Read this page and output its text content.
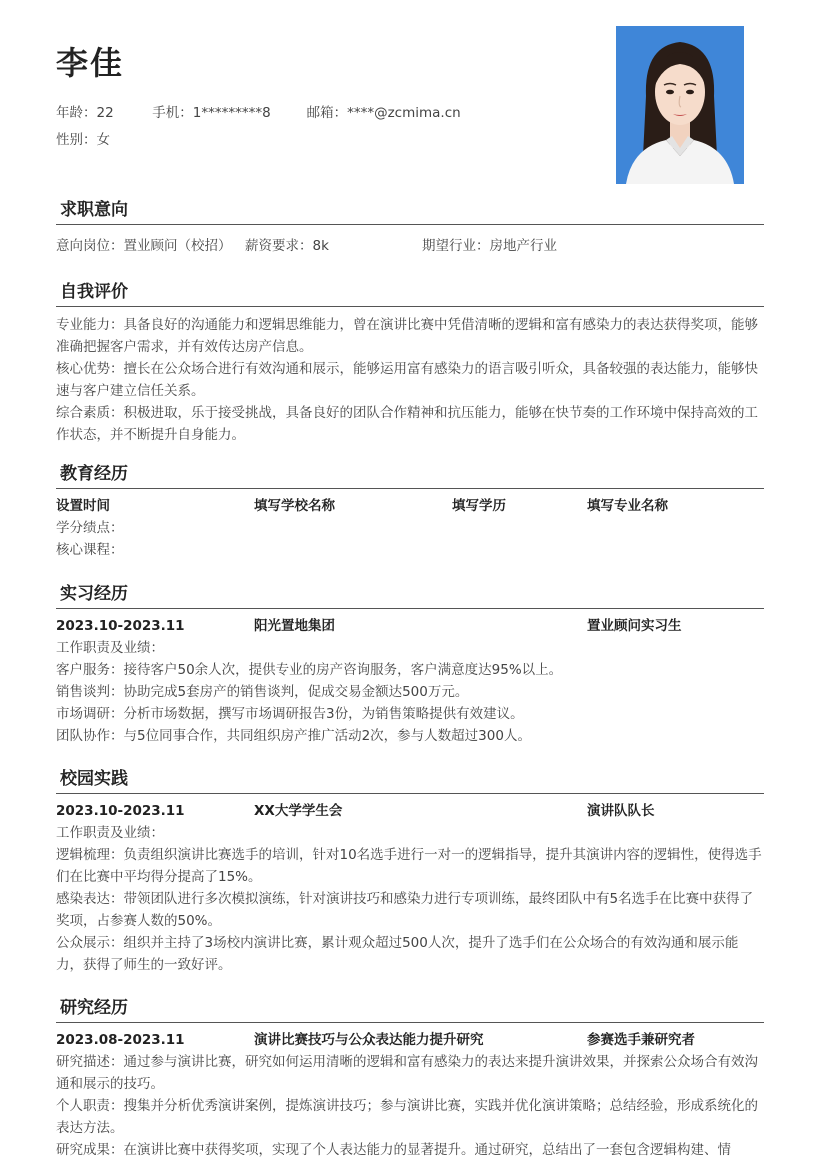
李佳
年龄：22	手机：1*********8	邮箱：****@zcmima.cn
性别：女
求职意向
意向岗位：置业顾问（校招） 薪资要求：8k	期望行业：房地产行业
自我评价

专业能力：具备良好的沟通能力和逻辑思维能力，曾在演讲比赛中凭借清晰的逻辑和富有感染力的表达获得奖项，能够准确把握客户需求，并有效传达房产信息。

核心优势：擅长在公众场合进行有效沟通和展示，能够运用富有感染力的语言吸引听众，具备较强的表达能力，能够快速与客户建立信任关系。

综合素质：积极进取，乐于接受挑战，具备良好的团队合作精神和抗压能力，能够在快节奏的工作环境中保持高效的工作状态，并不断提升自身能力。

教育经历
设置时间	填写学校名称	填写学历	填写专业名称
学分绩点：
核心课程：
实习经历
2023.10-2023.11	阳光置地集团	置业顾问实习生

工作职责及业绩：

客户服务：接待客户50余人次，提供专业的房产咨询服务，客户满意度达95%以上。

销售谈判：协助完成5套房产的销售谈判，促成交易金额达500万元。

市场调研：分析市场数据，撰写市场调研报告3份，为销售策略提供有效建议。

团队协作：与5位同事合作，共同组织房产推广活动2次，参与人数超过300人。

校园实践
2023.10-2023.11	XX大学学生会	演讲队队长

工作职责及业绩：

逻辑梳理：负责组织演讲比赛选手的培训，针对10名选手进行一对一的逻辑指导，提升其演讲内容的逻辑性，使得选手们在比赛中平均得分提高了15%。

感染表达：带领团队进行多次模拟演练，针对演讲技巧和感染力进行专项训练，最终团队中有5名选手在比赛中获得了奖项，占参赛人数的50%。

公众展示：组织并主持了3场校内演讲比赛，累计观众超过500人次，提升了选手们在公众场合的有效沟通和展示能力，获得了师生的一致好评。

研究经历
2023.08-2023.11	演讲比赛技巧与公众表达能力提升研究	参赛选手兼研究者

研究描述：通过参与演讲比赛，研究如何运用清晰的逻辑和富有感染力的表达来提升演讲效果，并探索公众场合有效沟通和展示的技巧。

个人职责：搜集并分析优秀演讲案例，提炼演讲技巧；参与演讲比赛，实践并优化演讲策略；总结经验，形成系统化的表达方法。

研究成果：在演讲比赛中获得奖项，实现了个人表达能力的显著提升。通过研究，总结出了一套包含逻辑构建、情
